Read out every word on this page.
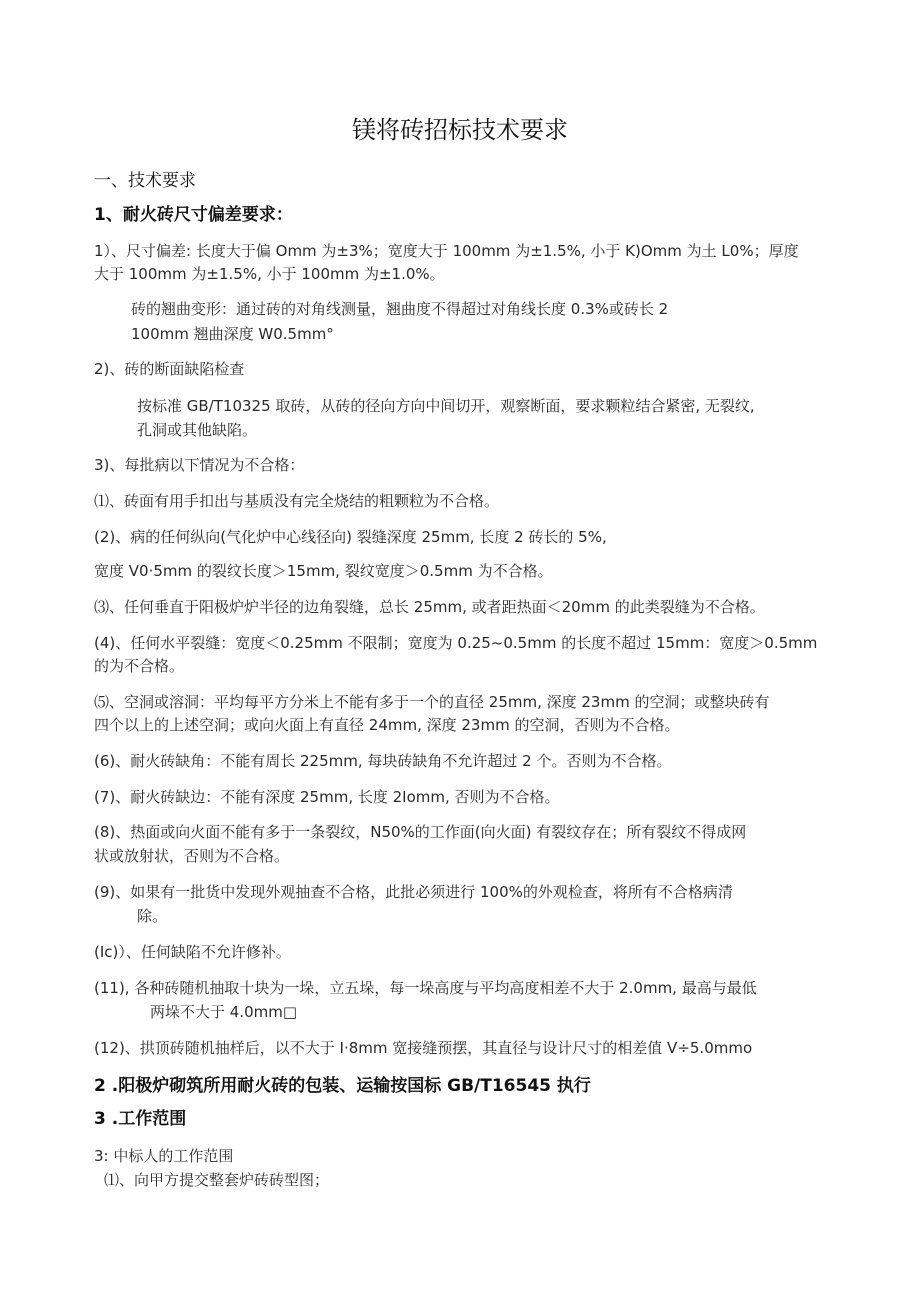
镁将砖招标技术要求
一、技术要求
1、耐火砖尺寸偏差要求：
1）、尺寸偏差: 长度大于偏 Omm 为±3%；宽度大于 100mm 为±1.5%, 小于 K)Omm 为土 L0%；厚度
大于 100mm 为±1.5%, 小于 100mm 为±1.0%。
砖的翘曲变形：通过砖的对角线测量，翘曲度不得超过对角线长度 0.3%或砖长 2
100mm 翘曲深度 W0.5mm°
2)、砖的断面缺陷检查
按标准 GB/T10325 取砖，从砖的径向方向中间切开，观察断面，要求颗粒结合紧密, 无裂纹,
孔洞或其他缺陷。
3)、每批病以下情况为不合格：
⑴、砖面有用手扣出与基质没有完全烧结的粗颗粒为不合格。
(2)、病的任何纵向(气化炉中心线径向) 裂缝深度 25mm, 长度 2 砖长的 5%,
宽度 V0·5mm 的裂纹长度＞15mm, 裂纹宽度＞0.5mm 为不合格。
⑶、任何垂直于阳极炉炉半径的边角裂缝，总长 25mm, 或者距热面＜20mm 的此类裂缝为不合格。
(4)、任何水平裂缝：宽度＜0.25mm 不限制；宽度为 0.25~0.5mm 的长度不超过 15mm：宽度＞0.5mm
的为不合格。
⑸、空洞或溶洞：平均每平方分米上不能有多于一个的直径 25mm, 深度 23mm 的空洞；或整块砖有
四个以上的上述空洞；或向火面上有直径 24mm, 深度 23mm 的空洞，否则为不合格。
(6)、耐火砖缺角：不能有周长 225mm, 每块砖缺角不允许超过 2 个。否则为不合格。
(7)、耐火砖缺边：不能有深度 25mm, 长度 2Iomm, 否则为不合格。
(8)、热面或向火面不能有多于一条裂纹，N50%的工作面(向火面) 有裂纹存在；所有裂纹不得成网
状或放射状，否则为不合格。
(9)、如果有一批货中发现外观抽查不合格，此批必须进行 100%的外观检查，将所有不合格病清
除。
(Ic)）、任何缺陷不允许修补。
(11), 各种砖随机抽取十块为一垛，立五垛，每一垛高度与平均高度相差不大于 2.0mm, 最高与最低
两垛不大于 4.0mm□
(12)、拱顶砖随机抽样后，以不大于 I·8mm 宽接缝预摆，其直径与设计尺寸的相差值 V÷5.0mmo
2 .阳极炉砌筑所用耐火砖的包装、运输按国标 GB/T16545 执行
3 .工作范围
3: 中标人的工作范围
⑴、向甲方提交整套炉砖砖型图；
